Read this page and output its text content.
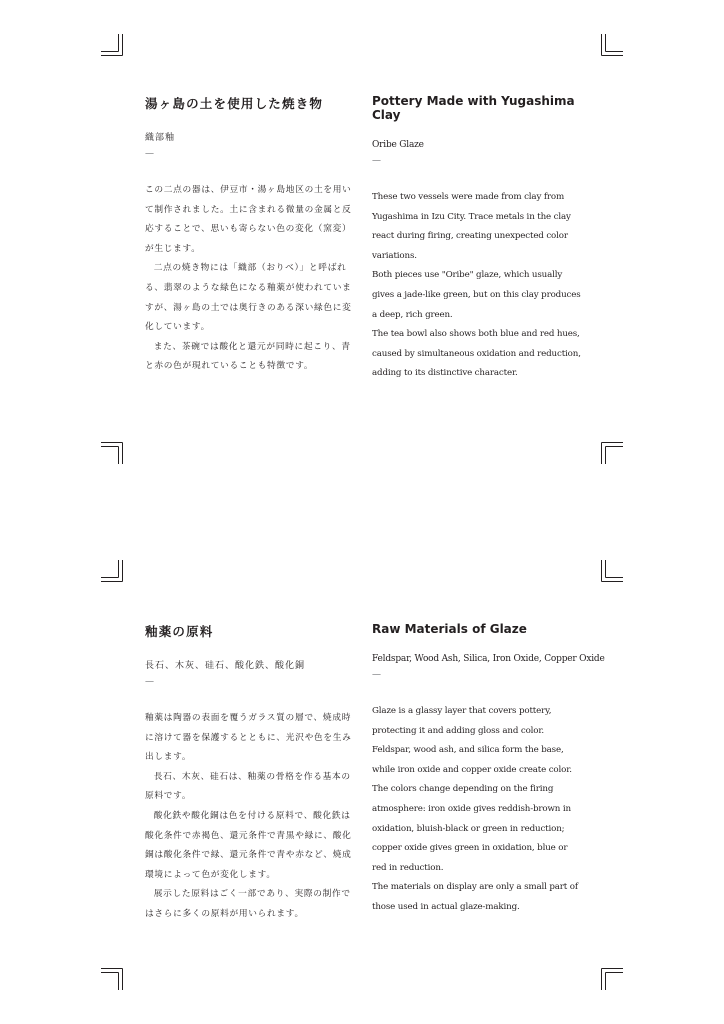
湯ヶ島の土を使用した焼き物

織部釉

—

この二点の器は、伊豆市・湯ヶ島地区の土を用いて制作されました。土に含まれる微量の金属と反応することで、思いも寄らない色の変化（窯変）が生じます。

二点の焼き物には「織部（おりべ）」と呼ばれる、翡翠のような緑色になる釉薬が使われていますが、湯ヶ島の土では奥行きのある深い緑色に変化しています。

また、茶碗では酸化と還元が同時に起こり、青と赤の色が現れていることも特徴です。

Pottery Made with Yugashima Clay

Oribe Glaze

—

These two vessels were made from clay from Yugashima in Izu City. Trace metals in the clay react during firing, creating unexpected color variations.

Both pieces use "Oribe" glaze, which usually gives a jade-like green, but on this clay produces a deep, rich green.

The tea bowl also shows both blue and red hues, caused by simultaneous oxidation and reduction, adding to its distinctive character.

釉薬の原料

長石、木灰、硅石、酸化鉄、酸化銅

—

釉薬は陶器の表面を覆うガラス質の層で、焼成時に溶けて器を保護するとともに、光沢や色を生み出します。

長石、木灰、硅石は、釉薬の骨格を作る基本の原料です。

酸化鉄や酸化銅は色を付ける原料で、酸化鉄は酸化条件で赤褐色、還元条件で青黒や緑に、酸化銅は酸化条件で緑、還元条件で青や赤など、焼成環境によって色が変化します。

展示した原料はごく一部であり、実際の制作ではさらに多くの原料が用いられます。

Raw Materials of Glaze

Feldspar, Wood Ash, Silica, Iron Oxide, Copper Oxide

—

Glaze is a glassy layer that covers pottery, protecting it and adding gloss and color.

Feldspar, wood ash, and silica form the base, while iron oxide and copper oxide create color.

The colors change depending on the firing atmosphere: iron oxide gives reddish-brown in oxidation, bluish-black or green in reduction; copper oxide gives green in oxidation, blue or red in reduction.

The materials on display are only a small part of those used in actual glaze-making.
